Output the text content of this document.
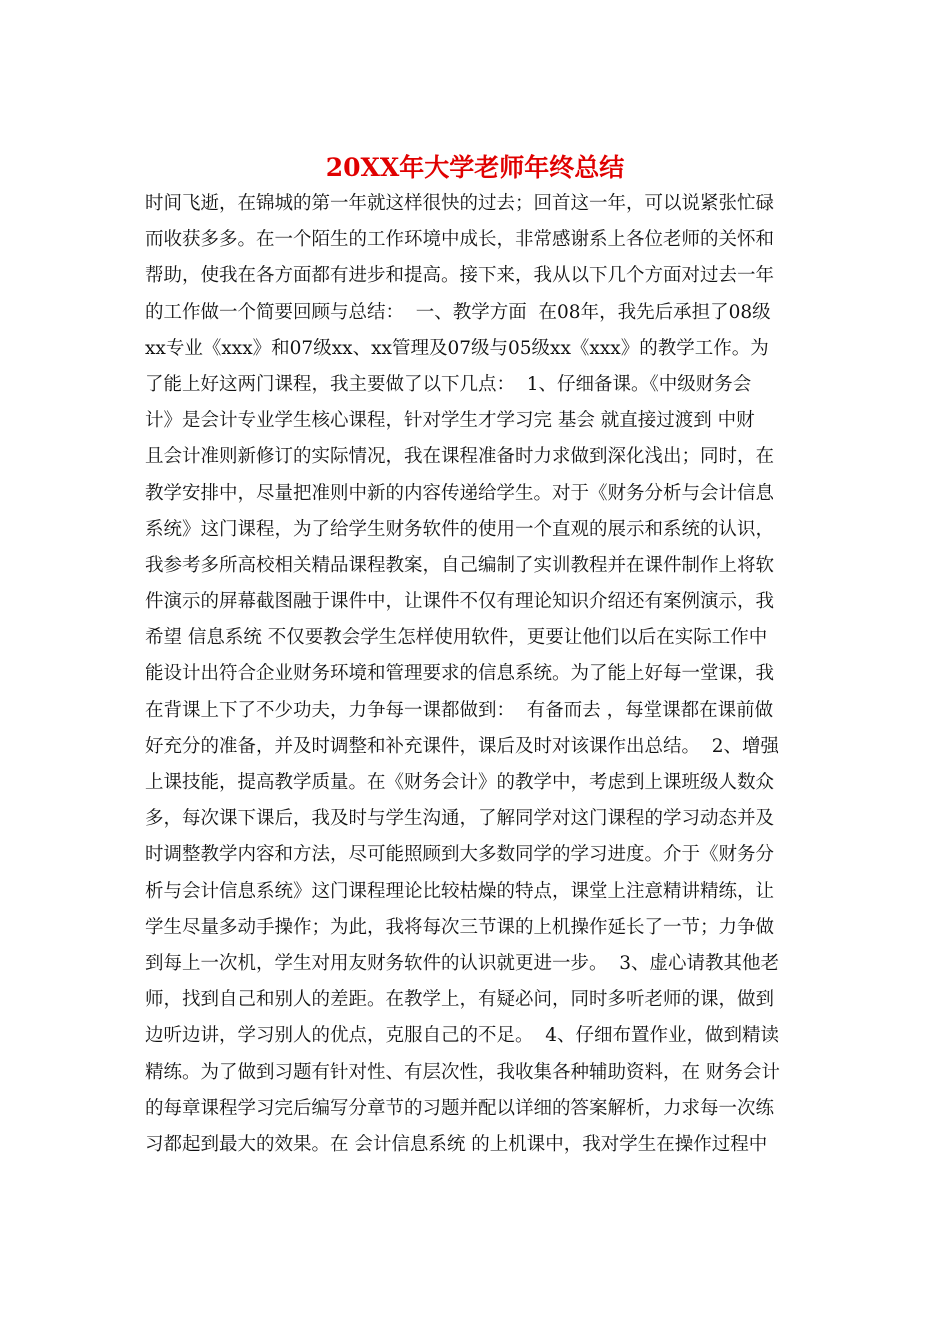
20XX年大学老师年终总结
时间飞逝，在锦城的第一年就这样很快的过去；回首这一年，可以说紧张忙碌
而收获多多。在一个陌生的工作环境中成长，非常感谢系上各位老师的关怀和
帮助，使我在各方面都有进步和提高。接下来，我从以下几个方面对过去一年
的工作做一个简要回顾与总结：  一、教学方面  在08年，我先后承担了08级
xx专业《xxx》和07级xx、xx管理及07级与05级xx《xxx》的教学工作。为
了能上好这两门课程，我主要做了以下几点：  1、仔细备课。《中级财务会
计》是会计专业学生核心课程，针对学生才学习完 基会 就直接过渡到 中财
且会计准则新修订的实际情况，我在课程准备时力求做到深化浅出；同时，在
教学安排中，尽量把准则中新的内容传递给学生。对于《财务分析与会计信息
系统》这门课程，为了给学生财务软件的使用一个直观的展示和系统的认识，
我参考多所高校相关精品课程教案，自己编制了实训教程并在课件制作上将软
件演示的屏幕截图融于课件中，让课件不仅有理论知识介绍还有案例演示，我
希望 信息系统 不仅要教会学生怎样使用软件，更要让他们以后在实际工作中
能设计出符合企业财务环境和管理要求的信息系统。为了能上好每一堂课，我
在背课上下了不少功夫，力争每一课都做到：  有备而去 ，每堂课都在课前做
好充分的准备，并及时调整和补充课件，课后及时对该课作出总结。  2、增强
上课技能，提高教学质量。在《财务会计》的教学中，考虑到上课班级人数众
多，每次课下课后，我及时与学生沟通，了解同学对这门课程的学习动态并及
时调整教学内容和方法，尽可能照顾到大多数同学的学习进度。介于《财务分
析与会计信息系统》这门课程理论比较枯燥的特点，课堂上注意精讲精练，让
学生尽量多动手操作；为此，我将每次三节课的上机操作延长了一节；力争做
到每上一次机，学生对用友财务软件的认识就更进一步。  3、虚心请教其他老
师，找到自己和别人的差距。在教学上，有疑必问，同时多听老师的课，做到
边听边讲，学习别人的优点，克服自己的不足。  4、仔细布置作业，做到精读
精练。为了做到习题有针对性、有层次性，我收集各种辅助资料，在 财务会计
的每章课程学习完后编写分章节的习题并配以详细的答案解析，力求每一次练
习都起到最大的效果。在 会计信息系统 的上机课中，我对学生在操作过程中
